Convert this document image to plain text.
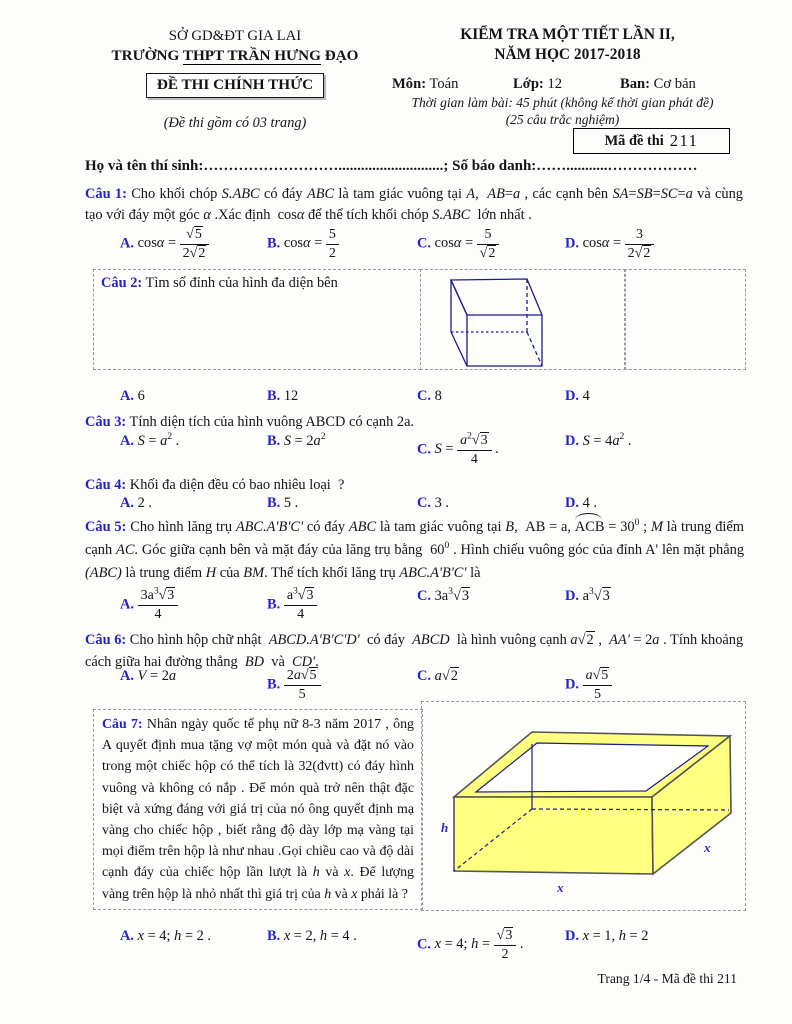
SỞ GD&ĐT GIA LAI
TRƯỜNG THPT TRẦN HƯNG ĐẠO
ĐỀ THI CHÍNH THỨC
(Đề thi gồm có 03 trang)
KIỂM TRA MỘT TIẾT LẦN II,
NĂM HỌC 2017-2018
Môn: Toán	Lớp: 12	Ban: Cơ bản
Thời gian làm bài: 45 phút (không kể thời gian phát đề)
(25 câu trắc nghiệm)
Mã đề thi 211
Họ và tên thí sinh:………………………............................; Số báo danh:……...........………………
Câu 1: Cho khối chóp S.ABC có đáy ABC là tam giác vuông tại A,  AB=a , các cạnh bên SA=SB=SC=a và cùng tạo với đáy một góc α .Xác định  cosα để thể tích khối chóp S.ABC  lớn nhất .
A. $\cos\alpha = \frac{√5}{2√2}$	B. $\cos\alpha = \frac{5}{2}$	C. $\cos\alpha = \frac{5}{√2}$	D. $\cos\alpha = \frac{3}{2√2}$
Câu 2: Tìm số đỉnh của hình đa diện bên
A. 6	B. 12	C. 8	D. 4
Câu 3: Tính diện tích của hình vuông ABCD có cạnh 2a.
A. $S = a^2$ .	B. $S = 2a^2$
C. $S = \frac{a^2√3}{4}$ .
D. $S = 4a^2$ .
Câu 4: Khối đa diện đều có bao nhiêu loại  ?
A. 2 .	B. 5 .	C. 3 .	D. 4 .
Câu 5: Cho hình lăng trụ ABC.A'B'C' có đáy ABC là tam giác vuông tại B,  AB = a, ACB = $30^0$ ; M là trung điểm cạnh AC. Góc giữa cạnh bên và mặt đáy của lăng trụ bằng  $60^0$ . Hình chiếu vuông góc của đỉnh A' lên mặt phẳng (ABC) là trung điểm H của BM. Thể tích khối lăng trụ ABC.A'B'C' là
A. $\frac{3a^3√3}{4}$	B. $\frac{a^3√3}{4}$	C. $3a^3√3$	D. $a^3√3$
Câu 6: Cho hình hộp chữ nhật  ABCD.A'B'C'D'  có đáy  ABCD  là hình vuông cạnh a√2 ,  AA' = 2a . Tính khoảng cách giữa hai đường thẳng  BD  và  CD'.
A. V = 2a
B. $\frac{2a√5}{5}$	C. a√2
D. $\frac{a√5}{5}$
Câu 7: Nhân ngày quốc tế phụ nữ 8-3 năm 2017 , ông A quyết định mua tặng vợ một món quà và đặt nó vào trong một chiếc hộp có thể tích là 32(đvtt) có đáy hình vuông và không có nắp . Để món quà trở nên thật đặc biệt và xứng đáng với giá trị của nó ông quyết định mạ vàng cho chiếc hộp , biết rằng độ dày lớp mạ vàng tại mọi điểm trên hộp là như nhau .Gọi chiều cao và độ dài cạnh đáy của chiếc hộp lần lượt là h và x. Để lượng vàng trên hộp là nhỏ nhất thì giá trị của h và x phải là ?
h
x
x
A. x = 4; h = 2 .	B. x = 2, h = 4 .
C. x = 4; $h = \frac{√3}{2}$ .
D. x = 1, h = 2
Trang 1/4 - Mã đề thi 211
